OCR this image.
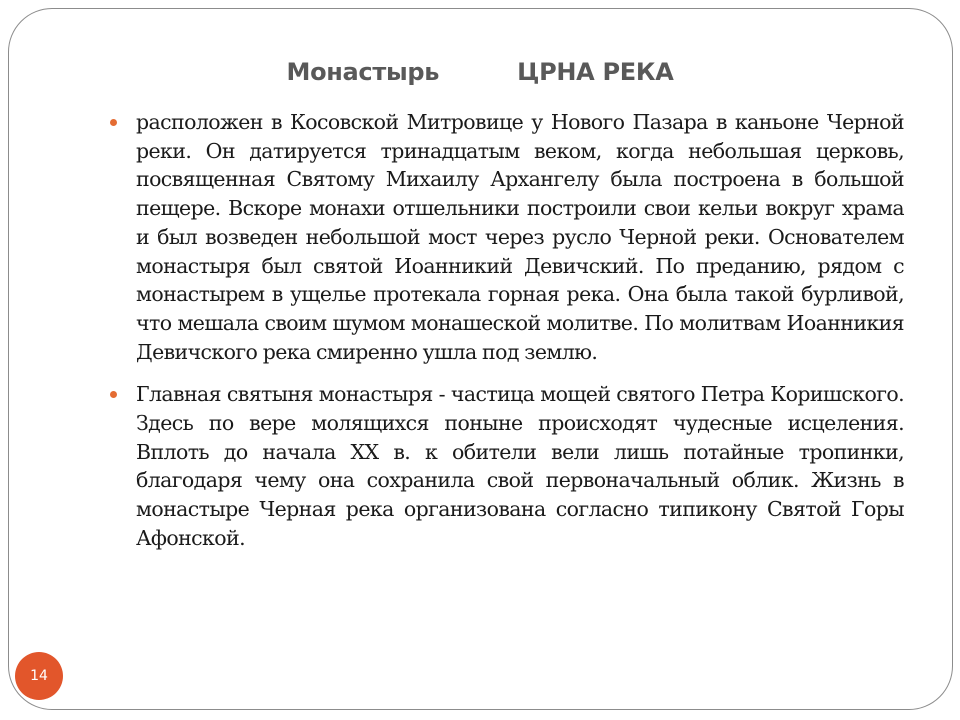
Монастырь	ЦРНА РЕКА
расположен в Косовской Митровице у Нового Пазара в каньоне Черной реки. Он датируется тринадцатым веком, когда небольшая церковь, посвященная Святому Михаилу Архангелу была построена в большой пещере. Вскоре монахи отшельники построили свои кельи вокруг храма и был возведен небольшой мост через русло Черной реки. Основателем монастыря был святой Иоанникий Девичский. По преданию, рядом с монастырем в ущелье протекала горная река. Она была такой бурливой, что мешала своим шумом монашеской молитве. По молитвам Иоанникия Девичского река смиренно ушла под землю.
Главная святыня монастыря - частица мощей святого Петра Коришского. Здесь по вере молящихся понынe происходят чудесные исцеления. Вплоть до начала XX в. к обители вели лишь потайные тропинки, благодаря чему она сохранила свой первоначальный облик. Жизнь в монастыре Черная река организована согласно типикону Святой Горы Афонской.
14
